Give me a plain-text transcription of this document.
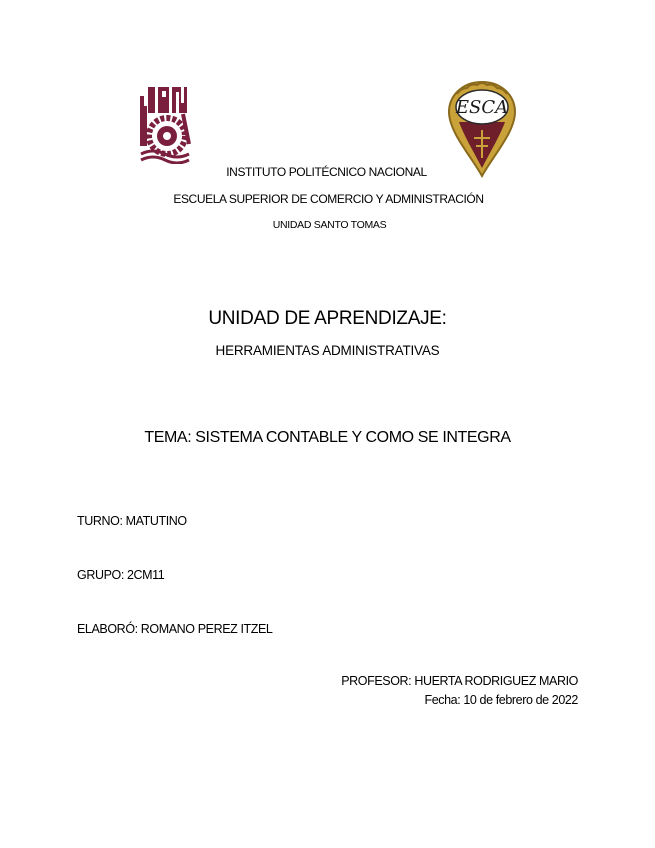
ESCA
INSTITUTO POLITÉCNICO NACIONAL
ESCUELA SUPERIOR DE COMERCIO Y ADMINISTRACIÓN
UNIDAD SANTO TOMAS
UNIDAD DE APRENDIZAJE:
HERRAMIENTAS ADMINISTRATIVAS
TEMA: SISTEMA CONTABLE Y COMO SE INTEGRA
TURNO: MATUTINO
GRUPO: 2CM11
ELABORÓ: ROMANO PEREZ ITZEL
PROFESOR: HUERTA RODRIGUEZ MARIO
Fecha: 10 de febrero de 2022
